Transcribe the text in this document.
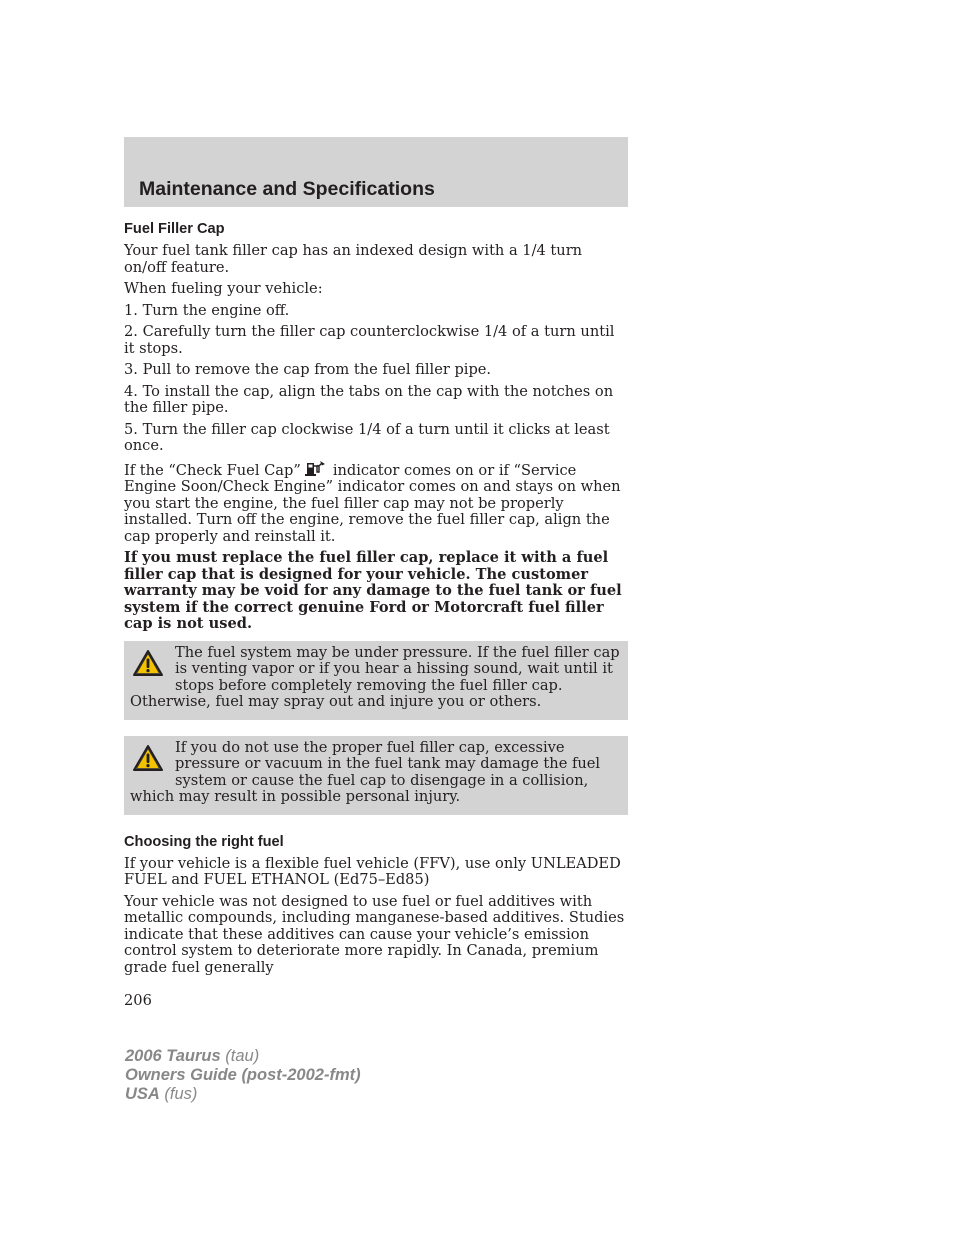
Maintenance and Specifications
Fuel Filler Cap

Your fuel tank filler cap has an indexed design with a 1/4 turn on/off feature.

When fueling your vehicle:

1. Turn the engine off.

2. Carefully turn the filler cap counterclockwise 1/4 of a turn until it stops.

3. Pull to remove the cap from the fuel filler pipe.

4. To install the cap, align the tabs on the cap with the notches on the filler pipe.

5. Turn the filler cap clockwise 1/4 of a turn until it clicks at least once.

If the “Check Fuel Cap” indicator comes on or if “Service Engine Soon/Check Engine” indicator comes on and stays on when you start the engine, the fuel filler cap may not be properly installed. Turn off the engine, remove the fuel filler cap, align the cap properly and reinstall it.

If you must replace the fuel filler cap, replace it with a fuel filler cap that is designed for your vehicle. The customer warranty may be void for any damage to the fuel tank or fuel system if the correct genuine Ford or Motorcraft fuel filler cap is not used.

The fuel system may be under pressure. If the fuel filler cap is venting vapor or if you hear a hissing sound, wait until it stops before completely removing the fuel filler cap. Otherwise, fuel may spray out and injure you or others.

If you do not use the proper fuel filler cap, excessive pressure or vacuum in the fuel tank may damage the fuel system or cause the fuel cap to disengage in a collision, which may result in possible personal injury.

Choosing the right fuel

If your vehicle is a flexible fuel vehicle (FFV), use only UNLEADED FUEL and FUEL ETHANOL (Ed75–Ed85)

Your vehicle was not designed to use fuel or fuel additives with metallic compounds, including manganese-based additives. Studies indicate that these additives can cause your vehicle’s emission control system to deteriorate more rapidly. In Canada, premium grade fuel generally

206
2006 Taurus (tau)
Owners Guide (post-2002-fmt)
USA (fus)
